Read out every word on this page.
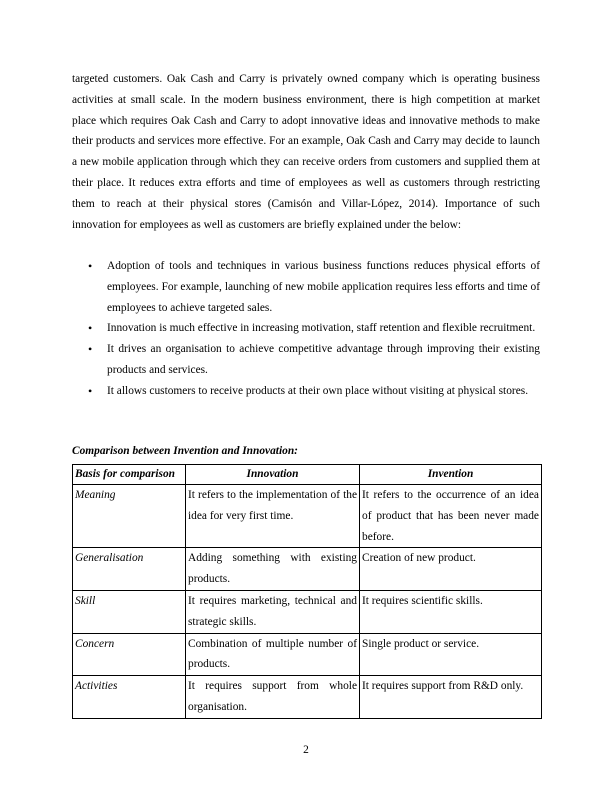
targeted customers. Oak Cash and Carry is privately owned company which is operating business activities at small scale. In the modern business environment, there is high competition at market place which requires Oak Cash and Carry to adopt innovative ideas and innovative methods to make their products and services more effective. For an example, Oak Cash and Carry may decide to launch a new mobile application through which they can receive orders from customers and supplied them at their place. It reduces extra efforts and time of employees as well as customers through restricting them to reach at their physical stores (Camisón and Villar-López, 2014). Importance of such innovation for employees as well as customers are briefly explained under the below:

• Adoption of tools and techniques in various business functions reduces physical efforts of employees. For example, launching of new mobile application requires less efforts and time of employees to achieve targeted sales.
• Innovation is much effective in increasing motivation, staff retention and flexible recruitment.
• It drives an organisation to achieve competitive advantage through improving their existing products and services.
• It allows customers to receive products at their own place without visiting at physical stores.

Comparison between Invention and Innovation:

Basis for comparison	Innovation	Invention
Meaning	It refers to the implementation of the idea for very first time.	It refers to the occurrence of an idea of product that has been never made before.
Generalisation	Adding something with existing products.	Creation of new product.
Skill	It requires marketing, technical and strategic skills.	It requires scientific skills.
Concern	Combination of multiple number of products.	Single product or service.
Activities	It requires support from whole organisation.	It requires support from R&D only.
2
